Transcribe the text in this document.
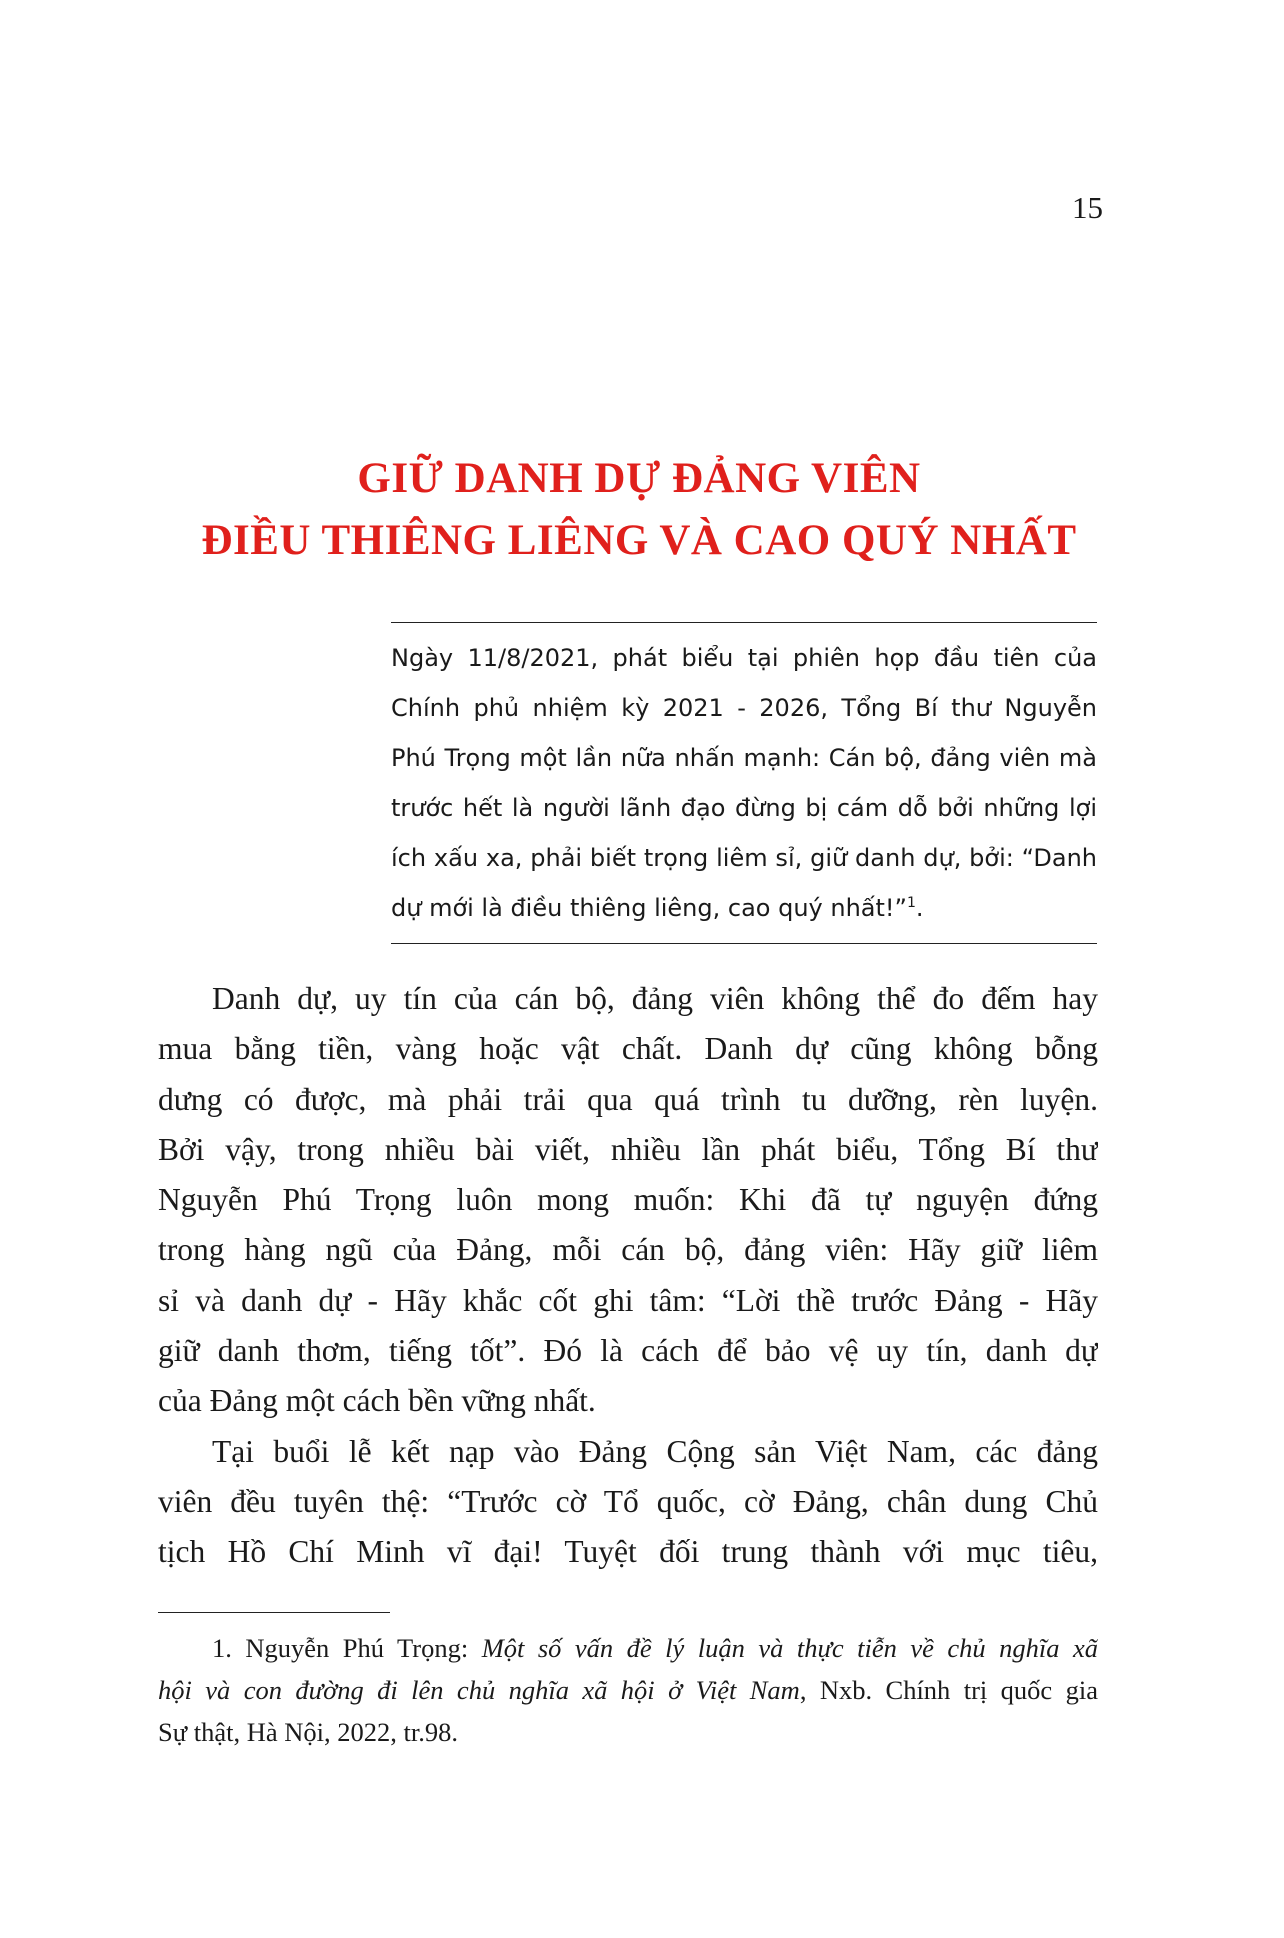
15
GIỮ DANH DỰ ĐẢNG VIÊN
ĐIỀU THIÊNG LIÊNG VÀ CAO QUÝ NHẤT
Ngày 11/8/2021, phát biểu tại phiên họp đầu tiên của
Chính phủ nhiệm kỳ 2021 - 2026, Tổng Bí thư Nguyễn
Phú Trọng một lần nữa nhấn mạnh: Cán bộ, đảng viên mà
trước hết là người lãnh đạo đừng bị cám dỗ bởi những lợi
ích xấu xa, phải biết trọng liêm sỉ, giữ danh dự, bởi: “Danh
dự mới là điều thiêng liêng, cao quý nhất!”$^1$.
Danh dự, uy tín của cán bộ, đảng viên không thể đo đếm hay
mua bằng tiền, vàng hoặc vật chất. Danh dự cũng không bỗng
dưng có được, mà phải trải qua quá trình tu dưỡng, rèn luyện.
Bởi vậy, trong nhiều bài viết, nhiều lần phát biểu, Tổng Bí thư
Nguyễn Phú Trọng luôn mong muốn: Khi đã tự nguyện đứng
trong hàng ngũ của Đảng, mỗi cán bộ, đảng viên: Hãy giữ liêm
sỉ và danh dự - Hãy khắc cốt ghi tâm: “Lời thề trước Đảng - Hãy
giữ danh thơm, tiếng tốt”. Đó là cách để bảo vệ uy tín, danh dự
của Đảng một cách bền vững nhất.
Tại buổi lễ kết nạp vào Đảng Cộng sản Việt Nam, các đảng
viên đều tuyên thệ: “Trước cờ Tổ quốc, cờ Đảng, chân dung Chủ
tịch Hồ Chí Minh vĩ đại! Tuyệt đối trung thành với mục tiêu,
1. Nguyễn Phú Trọng: Một số vấn đề lý luận và thực tiễn về chủ nghĩa xã
hội và con đường đi lên chủ nghĩa xã hội ở Việt Nam, Nxb. Chính trị quốc gia
Sự thật, Hà Nội, 2022, tr.98.
